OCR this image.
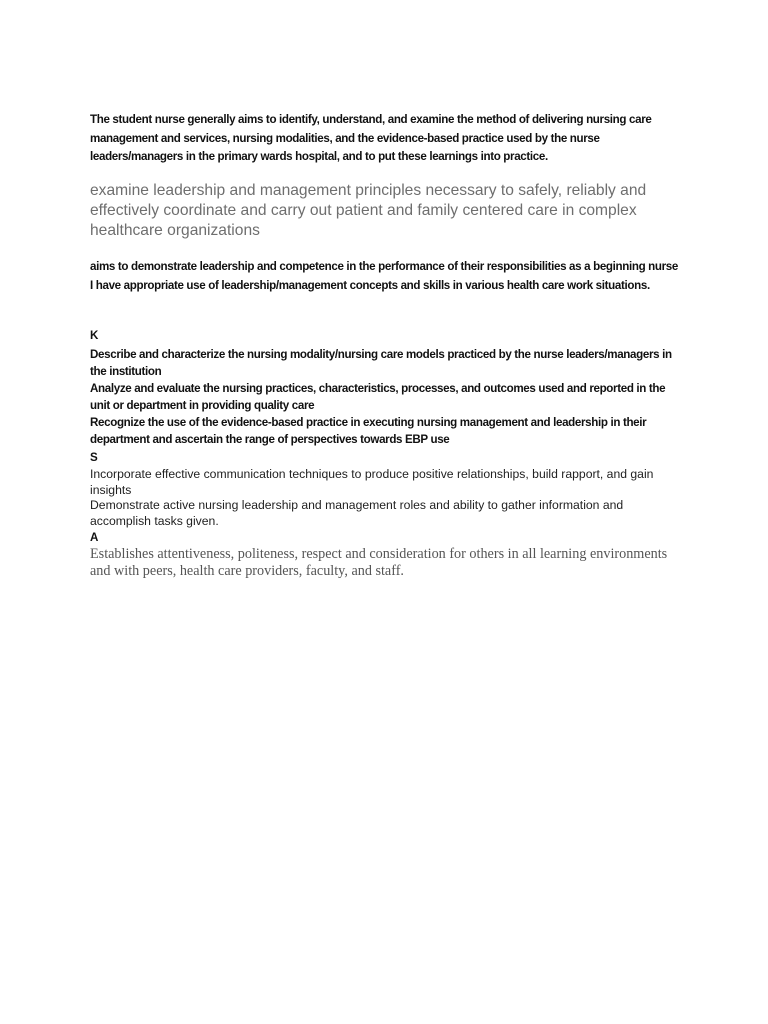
The student nurse generally aims to identify, understand, and examine the method of delivering nursing care management and services, nursing modalities, and the evidence-based practice used by the nurse leaders/managers in the primary wards hospital, and to put these learnings into practice.

examine leadership and management principles necessary to safely, reliably and effectively coordinate and carry out patient and family centered care in complex healthcare organizations

aims to demonstrate leadership and competence in the performance of their responsibilities as a beginning nurse I have appropriate use of leadership/management concepts and skills in various health care work situations.

K

Describe and characterize the nursing modality/nursing care models practiced by the nurse leaders/managers in the institution

Analyze and evaluate the nursing practices, characteristics, processes, and outcomes used and reported in the unit or department in providing quality care

Recognize the use of the evidence-based practice in executing nursing management and leadership in their department and ascertain the range of perspectives towards EBP use

S

Incorporate effective communication techniques to produce positive relationships, build rapport, and gain insights

Demonstrate active nursing leadership and management roles and ability to gather information and accomplish tasks given.

A

Establishes attentiveness, politeness, respect and consideration for others in all learning environments and with peers, health care providers, faculty, and staff.
